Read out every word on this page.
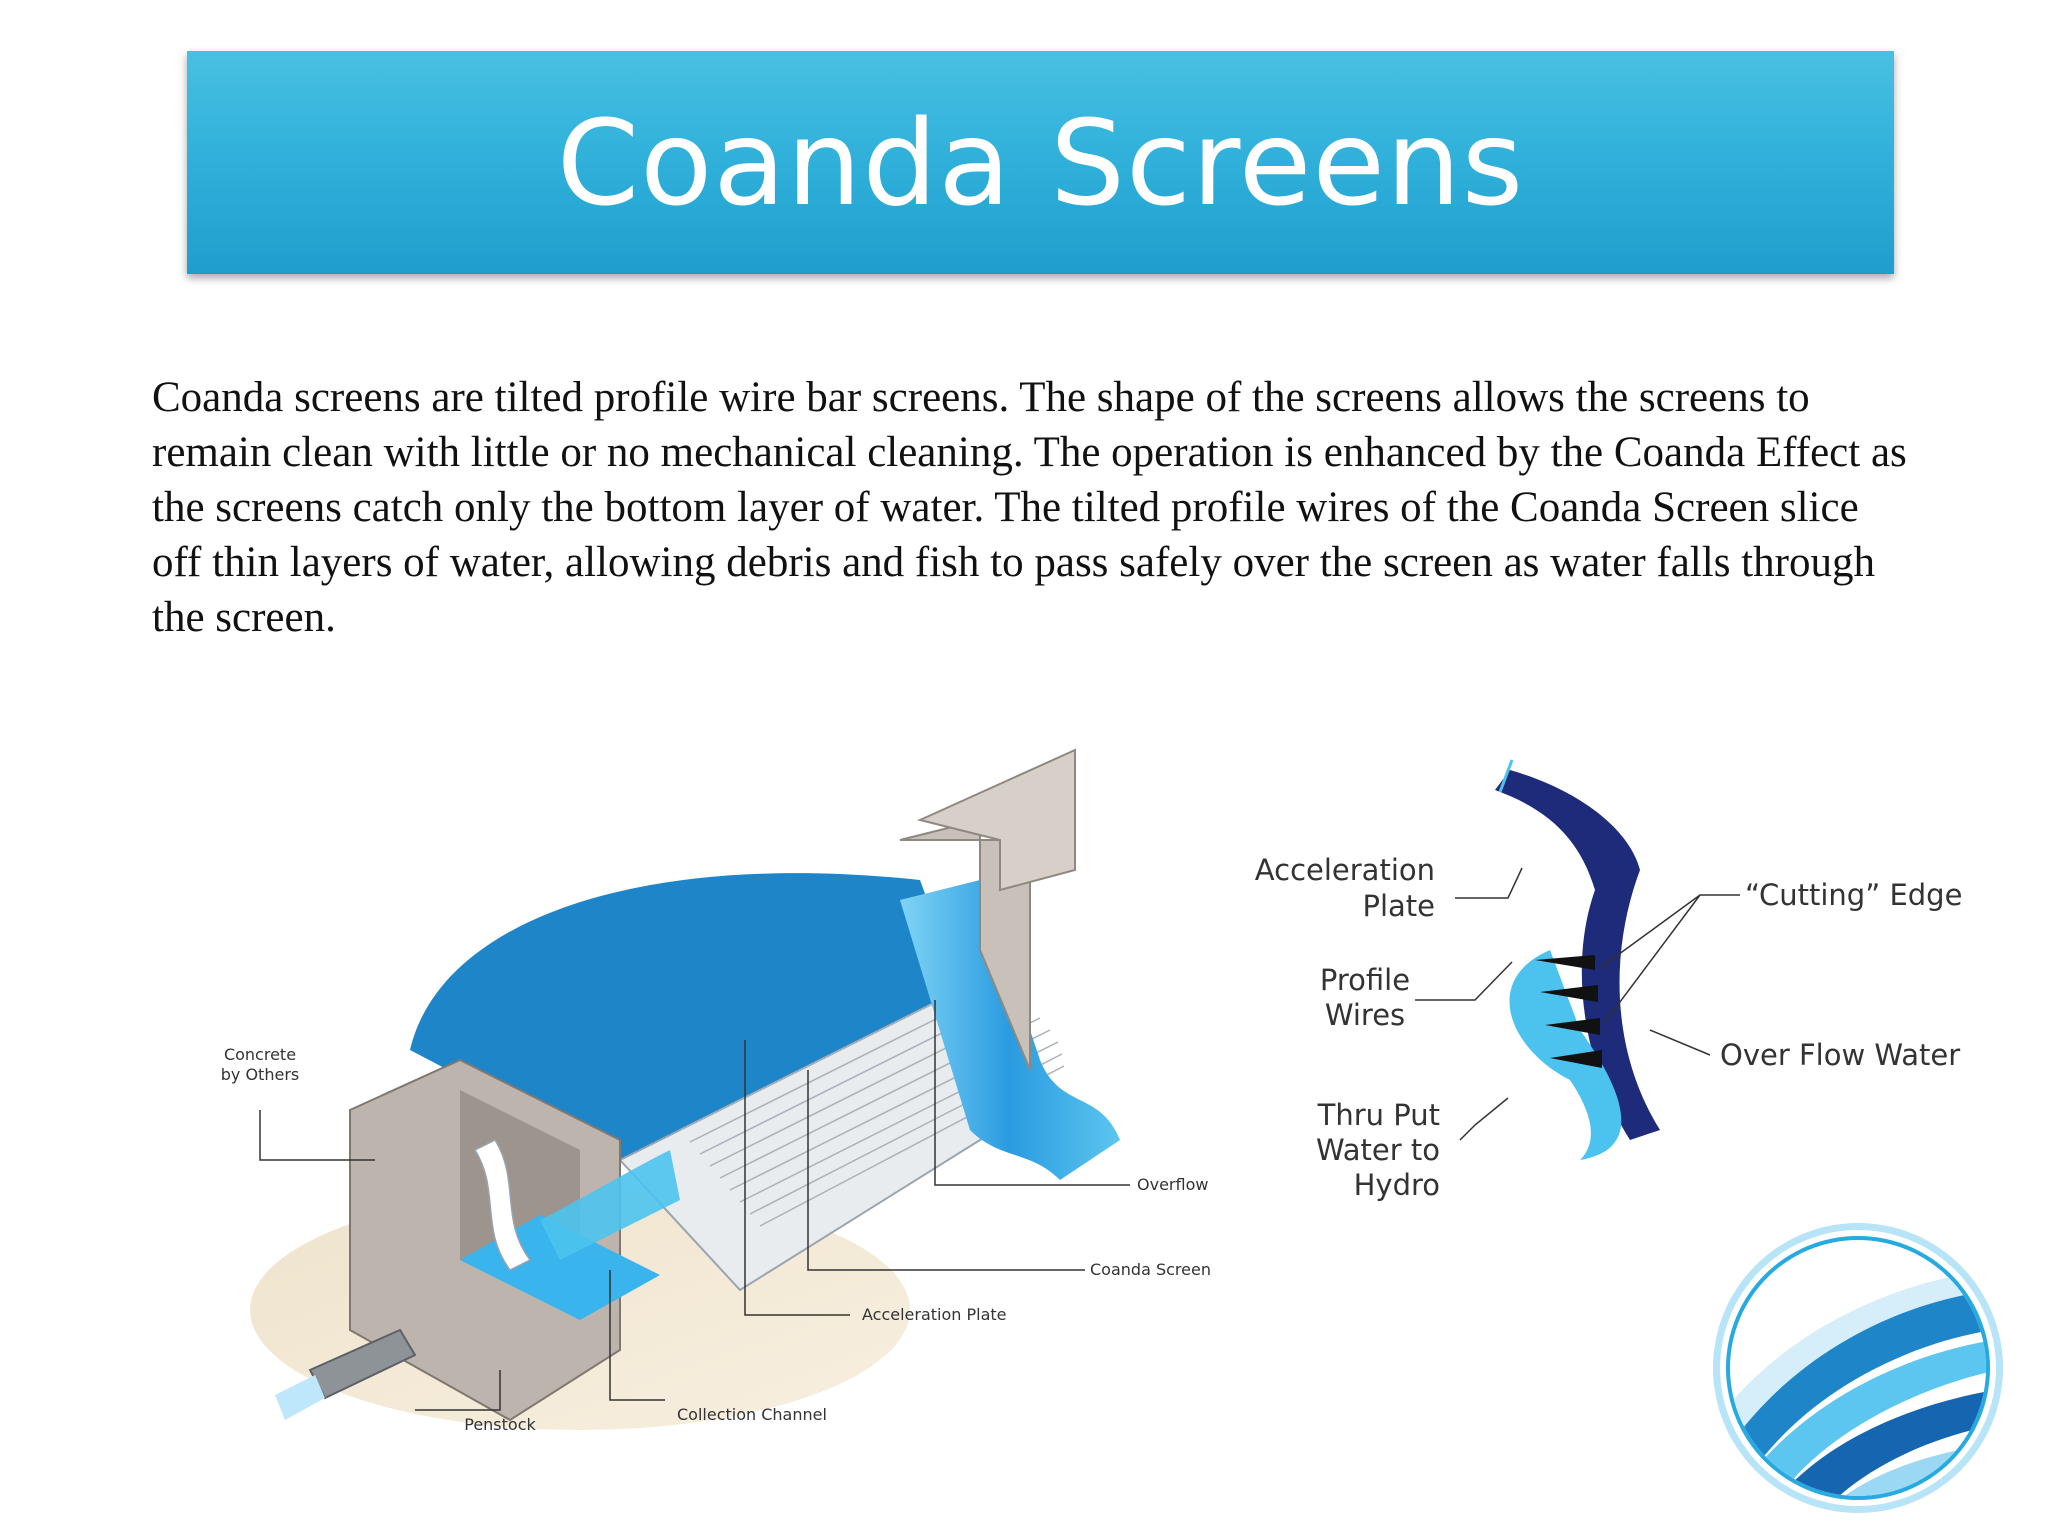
Coanda Screens
Coanda screens are tilted profile wire bar screens. The shape of the screens allows the screens to remain clean with little or no mechanical cleaning. The operation is enhanced by the Coanda Effect as the screens catch only the bottom layer of water. The tilted profile wires of the Coanda Screen slice off thin layers of water, allowing debris and fish to pass safely over the screen as water falls through the screen.
Concrete
by Others
Overflow
Coanda Screen
Acceleration Plate
Penstock
Collection Channel
Acceleration
Plate
Profile
Wires
Thru Put
Water to
Hydro
“Cutting” Edge
Over Flow Water
